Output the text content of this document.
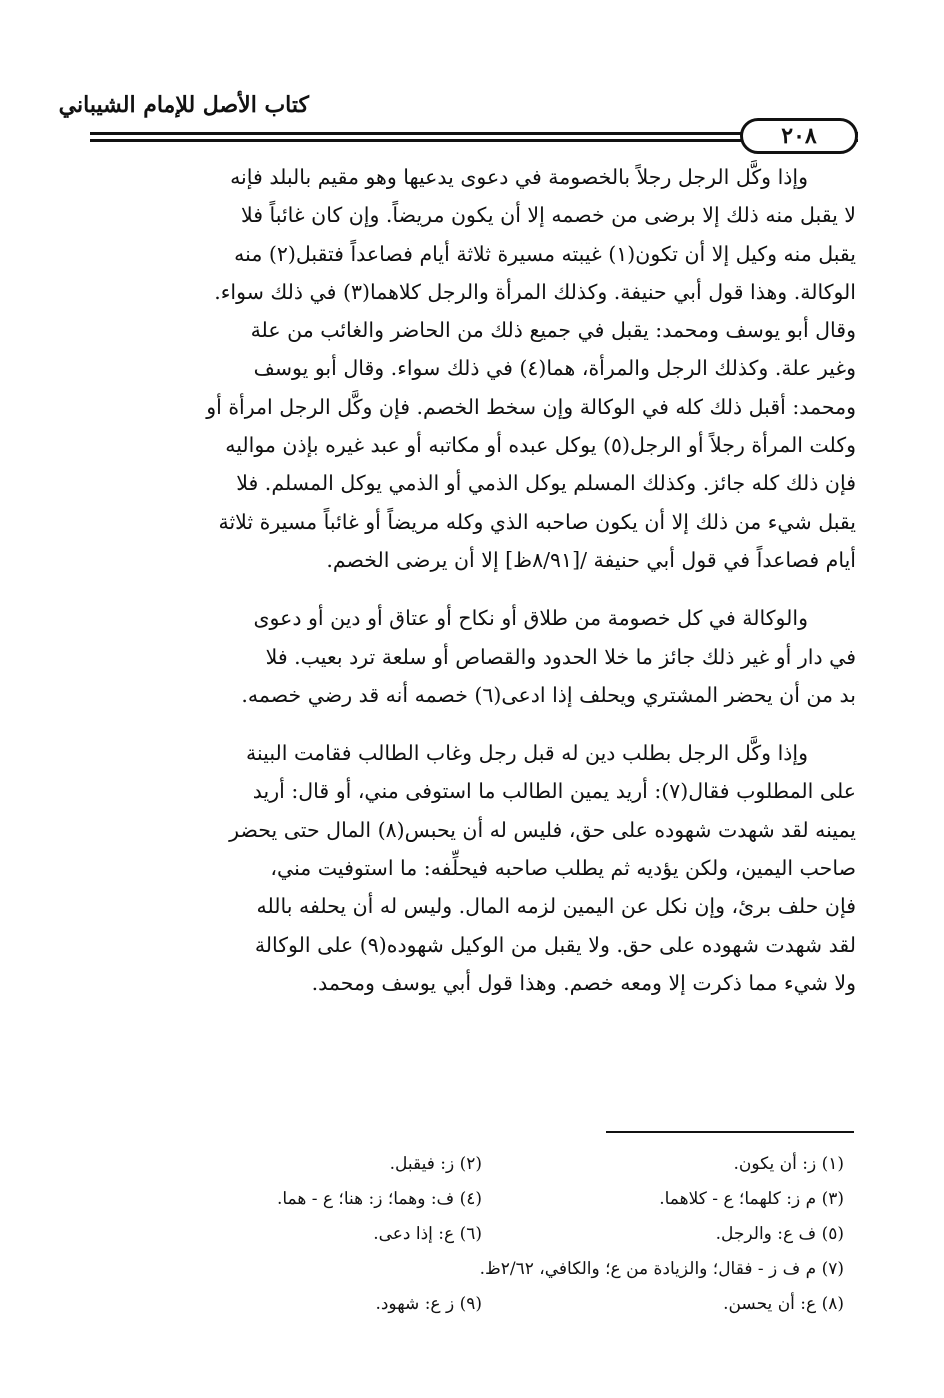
كتاب الأصل للإمام الشيباني
٢٠٨

وإذا وكَّل الرجل رجلاً بالخصومة في دعوى يدعيها وهو مقيم بالبلد فإنه

لا يقبل منه ذلك إلا برضى من خصمه إلا أن يكون مريضاً. وإن كان غائباً فلا

يقبل منه وكيل إلا أن تكون(١) غيبته مسيرة ثلاثة أيام فصاعداً فتقبل(٢) منه

الوكالة. وهذا قول أبي حنيفة. وكذلك المرأة والرجل كلاهما(٣) في ذلك سواء.

وقال أبو يوسف ومحمد: يقبل في جميع ذلك من الحاضر والغائب من علة

وغير علة. وكذلك الرجل والمرأة، هما(٤) في ذلك سواء. وقال أبو يوسف

ومحمد: أقبل ذلك كله في الوكالة وإن سخط الخصم. فإن وكَّل الرجل امرأة أو

وكلت المرأة رجلاً أو الرجل(٥) يوكل عبده أو مكاتبه أو عبد غيره بإذن مواليه

فإن ذلك كله جائز. وكذلك المسلم يوكل الذمي أو الذمي يوكل المسلم. فلا

يقبل شيء من ذلك إلا أن يكون صاحبه الذي وكله مريضاً أو غائباً مسيرة ثلاثة

أيام فصاعداً في قول أبي حنيفة /[٨/٩١ظ] إلا أن يرضى الخصم.

والوكالة في كل خصومة من طلاق أو نكاح أو عتاق أو دين أو دعوى

في دار أو غير ذلك جائز ما خلا الحدود والقصاص أو سلعة ترد بعيب. فلا

بد من أن يحضر المشتري ويحلف إذا ادعى(٦) خصمه أنه قد رضي خصمه.

وإذا وكَّل الرجل بطلب دين له قبل رجل وغاب الطالب فقامت البينة

على المطلوب فقال(٧): أريد يمين الطالب ما استوفى مني، أو قال: أريد

يمينه لقد شهدت شهوده على حق، فليس له أن يحبس(٨) المال حتى يحضر

صاحب اليمين، ولكن يؤديه ثم يطلب صاحبه فيحلِّفه: ما استوفيت مني،

فإن حلف برئ، وإن نكل عن اليمين لزمه المال. وليس له أن يحلفه بالله

لقد شهدت شهوده على حق. ولا يقبل من الوكيل شهوده(٩) على الوكالة

ولا شيء مما ذكرت إلا ومعه خصم. وهذا قول أبي يوسف ومحمد.

(١) ز: أن يكون.
(٢) ز: فيقبل.
(٣) م ز: كلهما؛ ع - كلاهما.
(٤) ف: وهما؛ ز: هنا؛ ع - هما.
(٥) ف ع: والرجل.
(٦) ع: إذا دعى.
(٧) م ف ز - فقال؛ والزيادة من ع؛ والكافي، ٢/٦٢ظ.
(٨) ع: أن يحسن.
(٩) ز ع: شهود.
